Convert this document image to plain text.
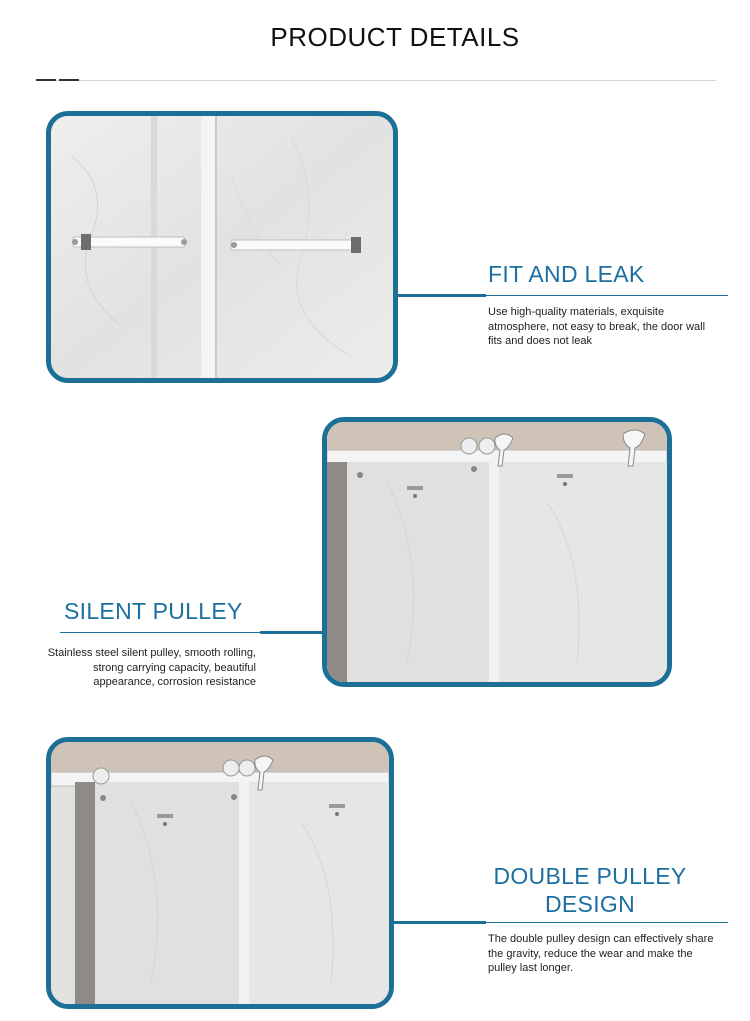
PRODUCT DETAILS
FIT AND LEAK
Use high-quality materials, exquisite atmosphere, not easy to break, the door wall fits and does not leak
SILENT PULLEY
Stainless steel silent pulley, smooth rolling, strong carrying capacity, beautiful appearance, corrosion resistance
DOUBLE PULLEY DESIGN
The double pulley design can effectively share the gravity, reduce the wear and make the pulley last longer.
